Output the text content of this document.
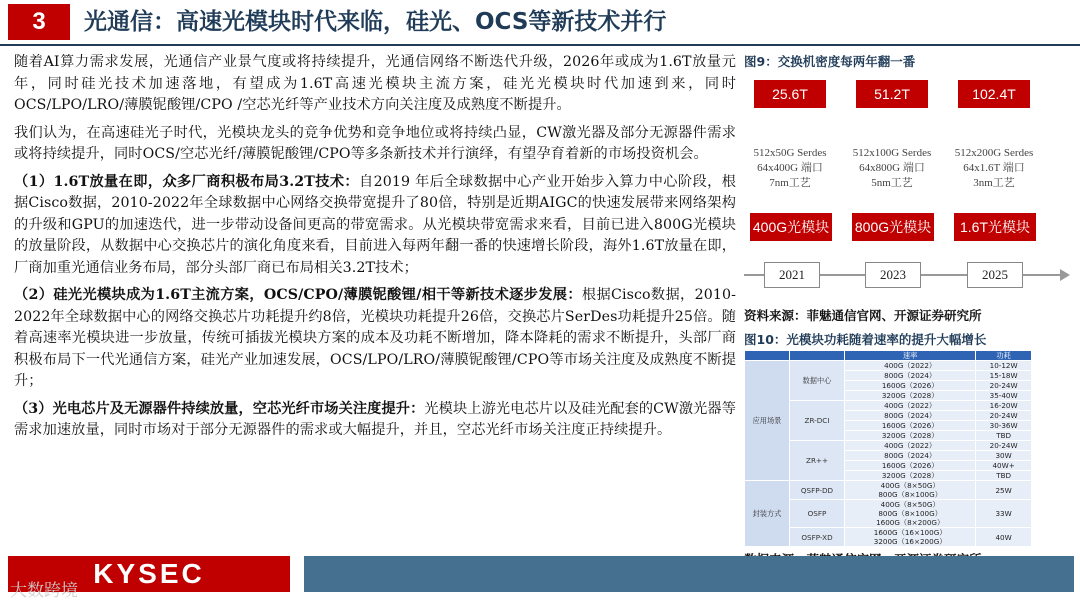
3	光通信：高速光模块时代来临，硅光、OCS等新技术并行

随着AI算力需求发展，光通信产业景气度或将持续提升，光通信网络不断迭代升级，2026年或成为1.6T放量元年，同时硅光技术加速落地，有望成为1.6T高速光模块主流方案，硅光光模块时代加速到来，同时OCS/LPO/LRO/薄膜铌酸锂/CPO /空芯光纤等产业技术方向关注度及成熟度不断提升。

我们认为，在高速硅光子时代，光模块龙头的竞争优势和竞争地位或将持续凸显，CW激光器及部分无源器件需求或将持续提升，同时OCS/空芯光纤/薄膜铌酸锂/CPO等多条新技术并行演绎，有望孕育着新的市场投资机会。

（1）1.6T放量在即，众多厂商积极布局3.2T技术：自2019 年后全球数据中心产业开始步入算力中心阶段，根据Cisco数据，2010-2022年全球数据中心网络交换带宽提升了80倍，特别是近期AIGC的快速发展带来网络架构的升级和GPU的加速迭代，进一步带动设备间更高的带宽需求。从光模块带宽需求来看，目前已进入800G光模块的放量阶段，从数据中心交换芯片的演化角度来看，目前进入每两年翻一番的快速增长阶段，海外1.6T放量在即，厂商加重光通信业务布局，部分头部厂商已布局相关3.2T技术；

（2）硅光光模块成为1.6T主流方案，OCS/CPO/薄膜铌酸锂/相干等新技术逐步发展：根据Cisco数据，2010-2022年全球数据中心的网络交换芯片功耗提升约8倍，光模块功耗提升26倍，交换芯片SerDes功耗提升25倍。随着高速率光模块进一步放量，传统可插拔光模块方案的成本及功耗不断增加，降本降耗的需求不断提升，头部厂商积极布局下一代光通信方案，硅光产业加速发展，OCS/LPO/LRO/薄膜铌酸锂/CPO等市场关注度及成熟度不断提升；

（3）光电芯片及无源器件持续放量，空芯光纤市场关注度提升：光模块上游光电芯片以及硅光配套的CW激光器等需求加速放量，同时市场对于部分无源器件的需求或大幅提升，并且，空芯光纤市场关注度正持续提升。

图9：交换机密度每两年翻一番
25.6T	51.2T	102.4T
512x50G Serdes
64x400G 端口
7nm工艺
512x100G Serdes
64x800G 端口
5nm工艺
512x200G Serdes
64x1.6T 端口
3nm工艺
400G光模块 800G光模块	1.6T光模块
2021	2023	2025
资料来源：菲魅通信官网、开源证券研究所
图10：光模块功耗随着速率的提升大幅增长
		速率	功耗
应用场景	数据中心	400G（2022）	10-12W
		800G（2024）	15-18W
		1600G（2026）	20-24W
		3200G（2028）	35-40W
	ZR-DCI	400G（2022）	16-20W
		800G（2024）	20-24W
		1600G（2026）	30-36W
		3200G（2028）	TBD
	ZR++	400G（2022）	20-24W
		800G（2024）	30W
		1600G（2026）	40W+
		3200G（2028）	TBD
封装方式	QSFP-DD	400G（8×50G）
800G（8×100G）	25W
	OSFP	400G（8×50G）
800G（8×100G）
1600G（8×200G）	33W
	OSFP-XD	1600G（16×100G）
3200G（16×200G）	40W
KYSEC
大数跨境
